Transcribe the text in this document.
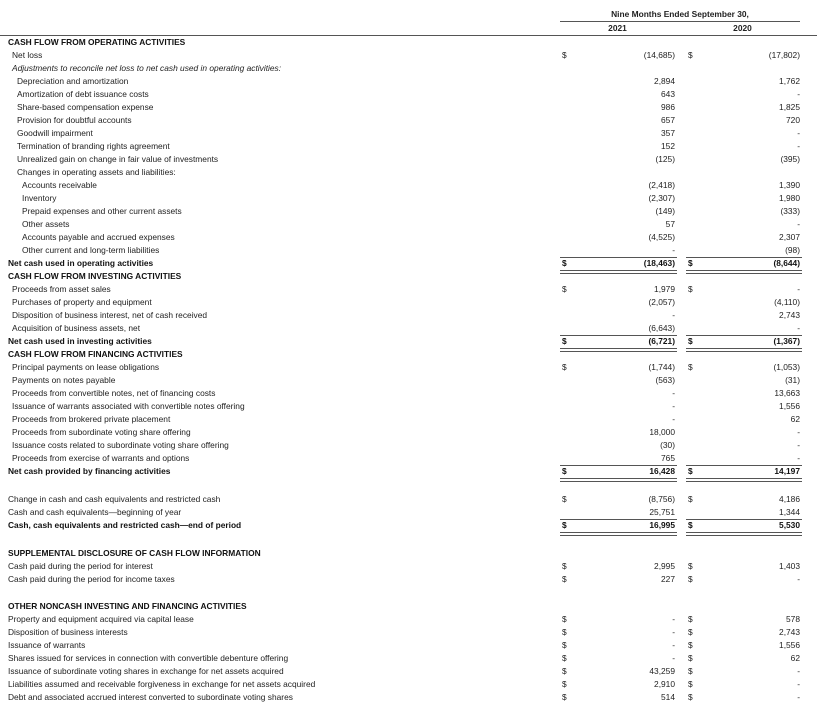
Nine Months Ended September 30,
2021	2020
CASH FLOW FROM OPERATING ACTIVITIES
Net loss	$	(14,685) $	(17,802)
Adjustments to reconcile net loss to net cash used in operating activities:
Depreciation and amortization	2,894	1,762
Amortization of debt issuance costs	643	-
Share-based compensation expense	986	1,825
Provision for doubtful accounts	657	720
Goodwill impairment	357	-
Termination of branding rights agreement	152	-
Unrealized gain on change in fair value of investments	(125)	(395)
Changes in operating assets and liabilities:
Accounts receivable	(2,418)	1,390
Inventory	(2,307)	1,980
Prepaid expenses and other current assets	(149)	(333)
Other assets	57	-
Accounts payable and accrued expenses	(4,525)	2,307
Other current and long-term liabilities	-	(98)
Net cash used in operating activities	$	(18,463) $	(8,644)
CASH FLOW FROM INVESTING ACTIVITIES
Proceeds from asset sales	$	1,979 $	-
Purchases of property and equipment	(2,057)	(4,110)
Disposition of business interest, net of cash received	-	2,743
Acquisition of business assets, net	(6,643)	-
Net cash used in investing activities	$	(6,721) $	(1,367)
CASH FLOW FROM FINANCING ACTIVITIES
Principal payments on lease obligations	$	(1,744) $	(1,053)
Payments on notes payable	(563)	(31)
Proceeds from convertible notes, net of financing costs	-	13,663
Issuance of warrants associated with convertible notes offering	-	1,556
Proceeds from brokered private placement	-	62
Proceeds from subordinate voting share offering	18,000	-
Issuance costs related to subordinate voting share offering	(30)	-
Proceeds from exercise of warrants and options	765	-
Net cash provided by financing activities	$	16,428 $	14,197
Change in cash and cash equivalents and restricted cash	$	(8,756) $	4,186
Cash and cash equivalents—beginning of year	25,751	1,344
Cash, cash equivalents and restricted cash—end of period	$	16,995 $	5,530
SUPPLEMENTAL DISCLOSURE OF CASH FLOW INFORMATION
Cash paid during the period for interest	$	2,995 $	1,403
Cash paid during the period for income taxes	$	227 $	-
OTHER NONCASH INVESTING AND FINANCING ACTIVITIES
Property and equipment acquired via capital lease	$	- $	578
Disposition of business interests	$	- $	2,743
Issuance of warrants	$	- $	1,556
Shares issued for services in connection with convertible debenture offering	$	- $	62
Issuance of subordinate voting shares in exchange for net assets acquired	$	43,259 $	-
Liabilities assumed and receivable forgiveness in exchange for net assets acquired	$	2,910 $	-
Debt and associated accrued interest converted to subordinate voting shares	$	514 $	-
